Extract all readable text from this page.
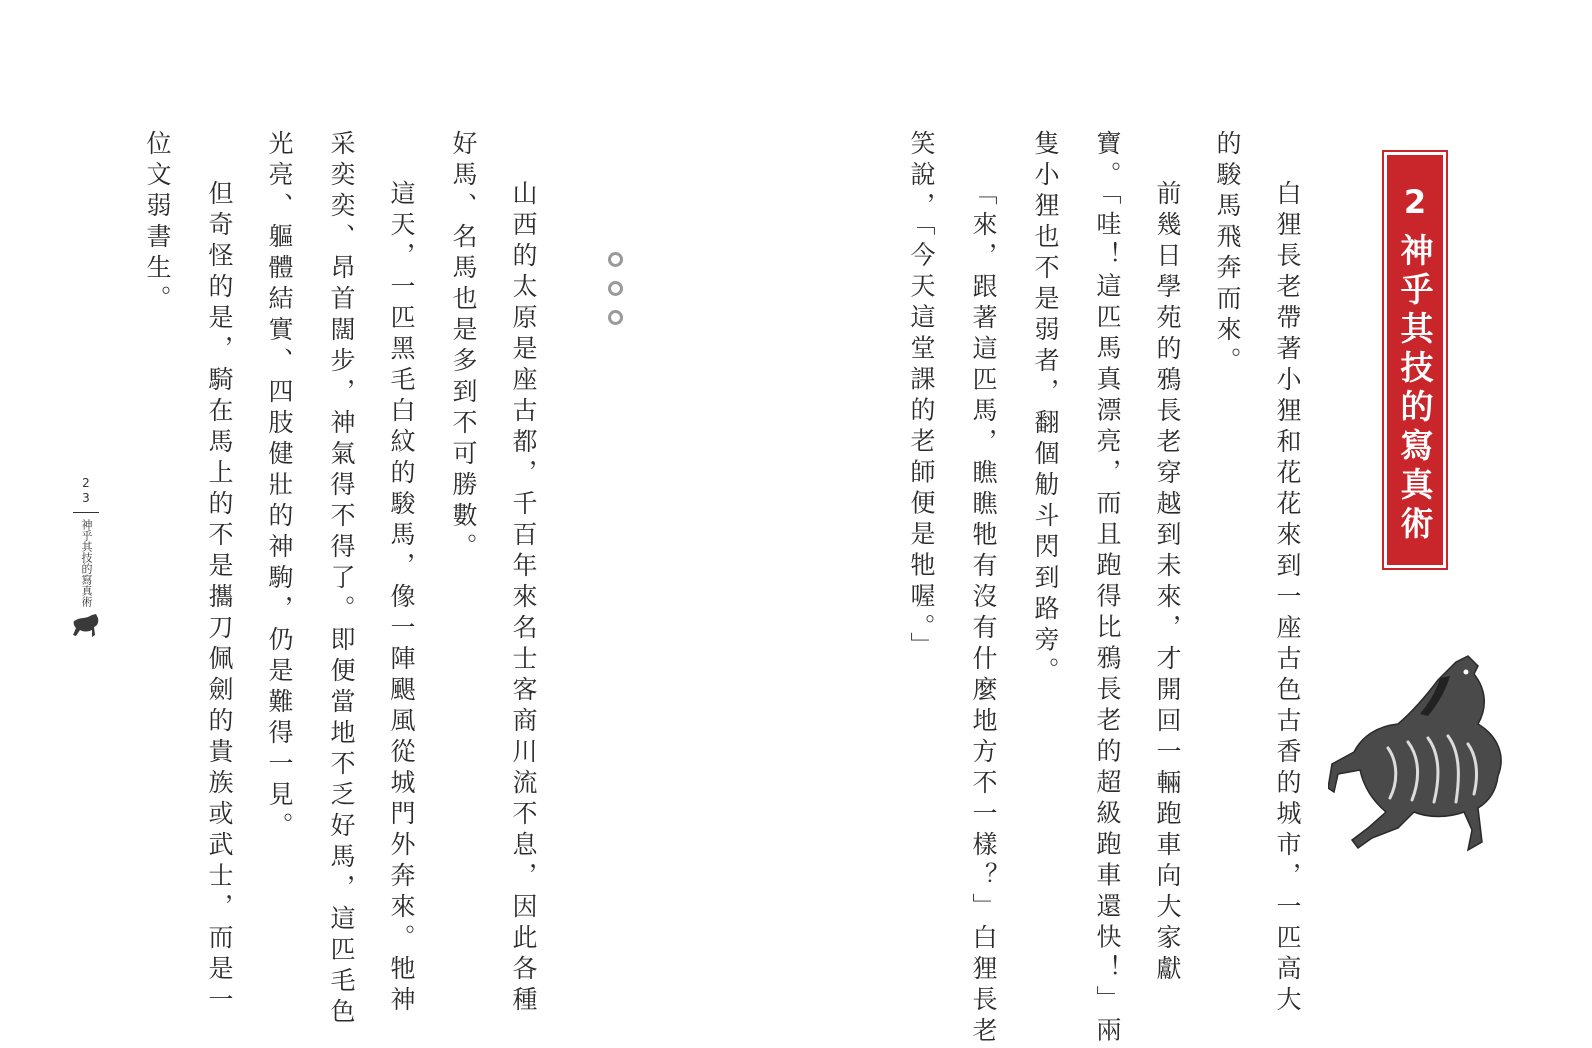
2
神乎其技的寫真術
白狸長老帶著小狸和花花來到一座古色古香的城市，一匹高大
的駿馬飛奔而來。
前幾日學苑的鴉長老穿越到未來，才開回一輛跑車向大家獻
寶。「哇！這匹馬真漂亮，而且跑得比鴉長老的超級跑車還快！」兩
隻小狸也不是弱者，翻個觔斗閃到路旁。
「來，跟著這匹馬，瞧瞧牠有沒有什麼地方不一樣？」白狸長老
笑說，「今天這堂課的老師便是牠喔。」
山西的太原是座古都，千百年來名士客商川流不息，因此各種
好馬、名馬也是多到不可勝數。
這天，一匹黑毛白紋的駿馬，像一陣颶風從城門外奔來。牠神
采奕奕、昂首闊步，神氣得不得了。即便當地不乏好馬，這匹毛色
光亮、軀體結實、四肢健壯的神駒，仍是難得一見。
但奇怪的是，騎在馬上的不是攜刀佩劍的貴族或武士，而是一
位文弱書生。
23
神乎其技的寫真術
